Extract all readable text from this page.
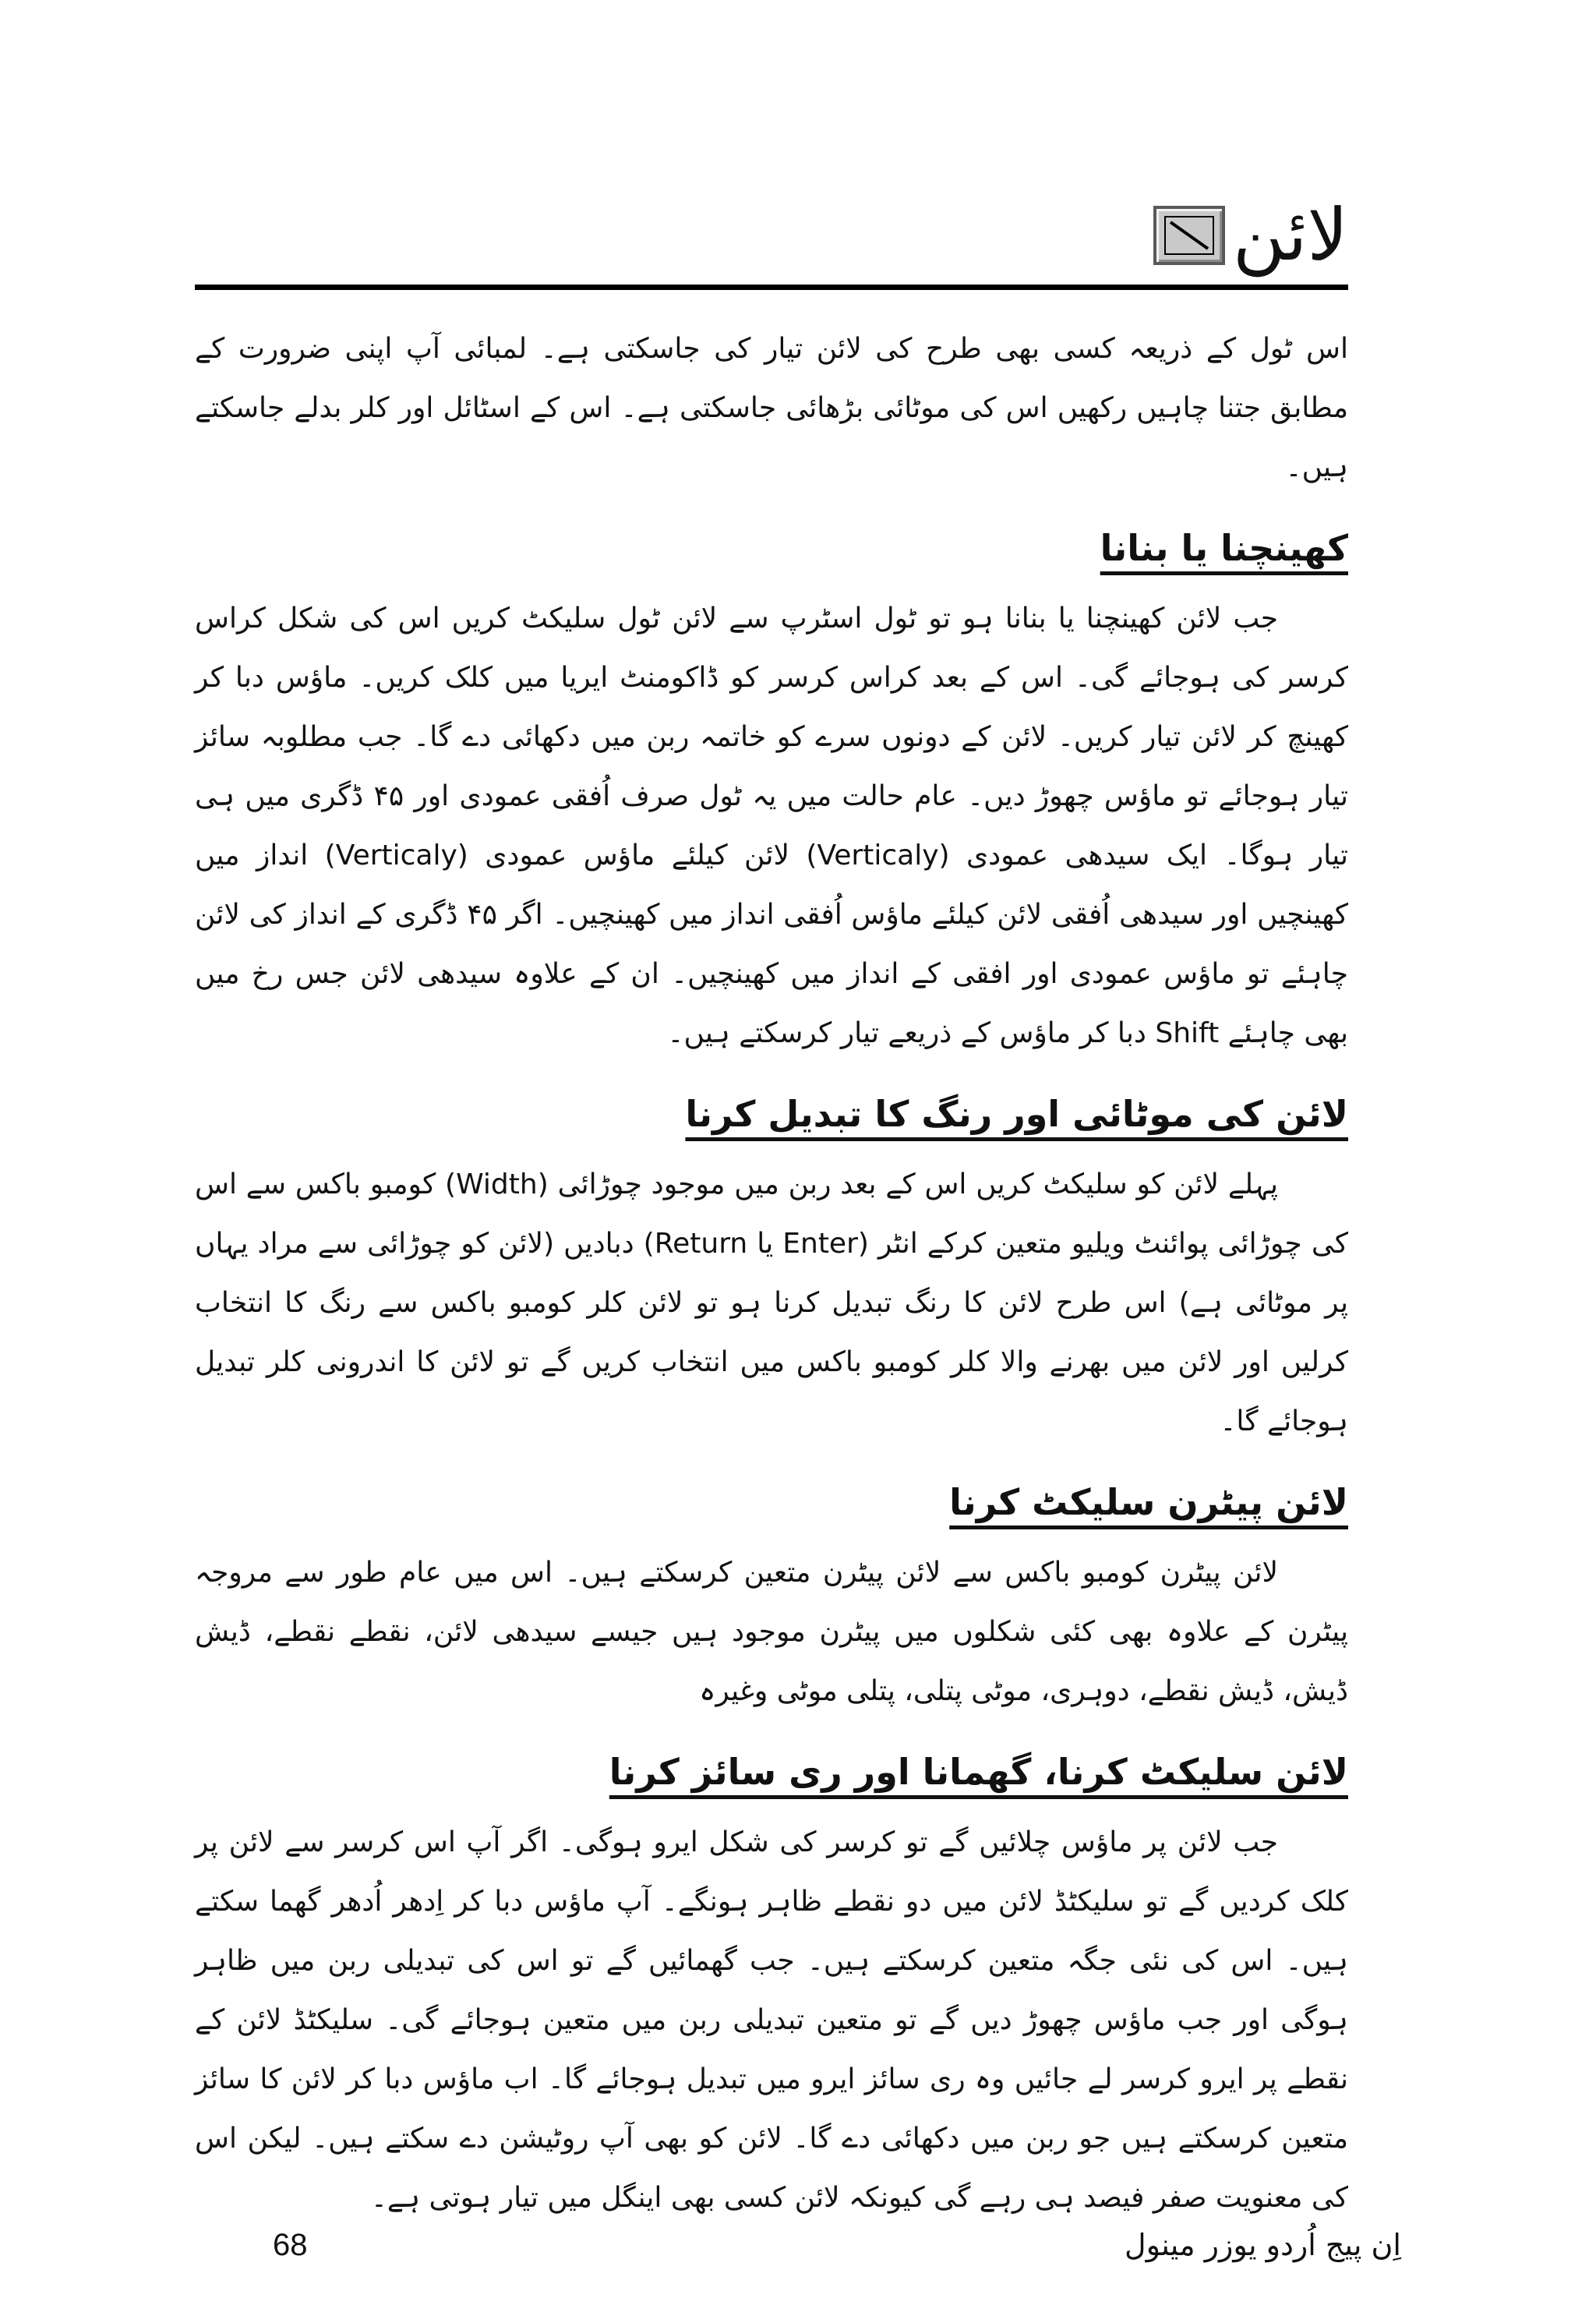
لائن

اس ٹول کے ذریعہ کسی بھی طرح کی لائن تیار کی جاسکتی ہے۔ لمبائی آپ اپنی ضرورت کے مطابق جتنا چاہیں رکھیں اس کی موٹائی بڑھائی جاسکتی ہے۔ اس کے اسٹائل اور کلر بدلے جاسکتے ہیں۔

کھینچنا یا بنانا

جب لائن کھینچنا یا بنانا ہو تو ٹول اسٹرپ سے لائن ٹول سلیکٹ کریں اس کی شکل کراس کرسر کی ہوجائے گی۔ اس کے بعد کراس کرسر کو ڈاکومنٹ ایریا میں کلک کریں۔ ماؤس دبا کر کھینچ کر لائن تیار کریں۔ لائن کے دونوں سرے کو خاتمہ ربن میں دکھائی دے گا۔ جب مطلوبہ سائز تیار ہوجائے تو ماؤس چھوڑ دیں۔ عام حالت میں یہ ٹول صرف اُفقی عمودی اور ۴۵ ڈگری میں ہی تیار ہوگا۔ ایک سیدھی عمودی (Verticaly) لائن کیلئے ماؤس عمودی (Verticaly) انداز میں کھینچیں اور سیدھی اُفقی لائن کیلئے ماؤس اُفقی انداز میں کھینچیں۔ اگر ۴۵ ڈگری کے انداز کی لائن چاہئے تو ماؤس عمودی اور افقی کے انداز میں کھینچیں۔ ان کے علاوہ سیدھی لائن جس رخ میں بھی چاہئے Shift دبا کر ماؤس کے ذریعے تیار کرسکتے ہیں۔

لائن کی موٹائی اور رنگ کا تبدیل کرنا

پہلے لائن کو سلیکٹ کریں اس کے بعد ربن میں موجود چوڑائی (Width) کومبو باکس سے اس کی چوڑائی پوائنٹ ویلیو متعین کرکے انٹر (Enter یا Return) دبادیں (لائن کو چوڑائی سے مراد یہاں پر موٹائی ہے) اس طرح لائن کا رنگ تبدیل کرنا ہو تو لائن کلر کومبو باکس سے رنگ کا انتخاب کرلیں اور لائن میں بھرنے والا کلر کومبو باکس میں انتخاب کریں گے تو لائن کا اندرونی کلر تبدیل ہوجائے گا۔

لائن پیٹرن سلیکٹ کرنا

لائن پیٹرن کومبو باکس سے لائن پیٹرن متعین کرسکتے ہیں۔ اس میں عام طور سے مروجہ پیٹرن کے علاوہ بھی کئی شکلوں میں پیٹرن موجود ہیں جیسے سیدھی لائن، نقطے نقطے، ڈیش ڈیش، ڈیش نقطے، دوہری، موٹی پتلی، پتلی موٹی وغیرہ

لائن سلیکٹ کرنا، گھمانا اور ری سائز کرنا

جب لائن پر ماؤس چلائیں گے تو کرسر کی شکل ایرو ہوگی۔ اگر آپ اس کرسر سے لائن پر کلک کردیں گے تو سلیکٹڈ لائن میں دو نقطے ظاہر ہونگے۔ آپ ماؤس دبا کر اِدھر اُدھر گھما سکتے ہیں۔ اس کی نئی جگہ متعین کرسکتے ہیں۔ جب گھمائیں گے تو اس کی تبدیلی ربن میں ظاہر ہوگی اور جب ماؤس چھوڑ دیں گے تو متعین تبدیلی ربن میں متعین ہوجائے گی۔ سلیکٹڈ لائن کے نقطے پر ایرو کرسر لے جائیں وہ ری سائز ایرو میں تبدیل ہوجائے گا۔ اب ماؤس دبا کر لائن کا سائز متعین کرسکتے ہیں جو ربن میں دکھائی دے گا۔ لائن کو بھی آپ روٹیشن دے سکتے ہیں۔ لیکن اس کی معنویت صفر فیصد ہی رہے گی کیونکہ لائن کسی بھی اینگل میں تیار ہوتی ہے۔

68	اِن پیج اُردو یوزر مینول
